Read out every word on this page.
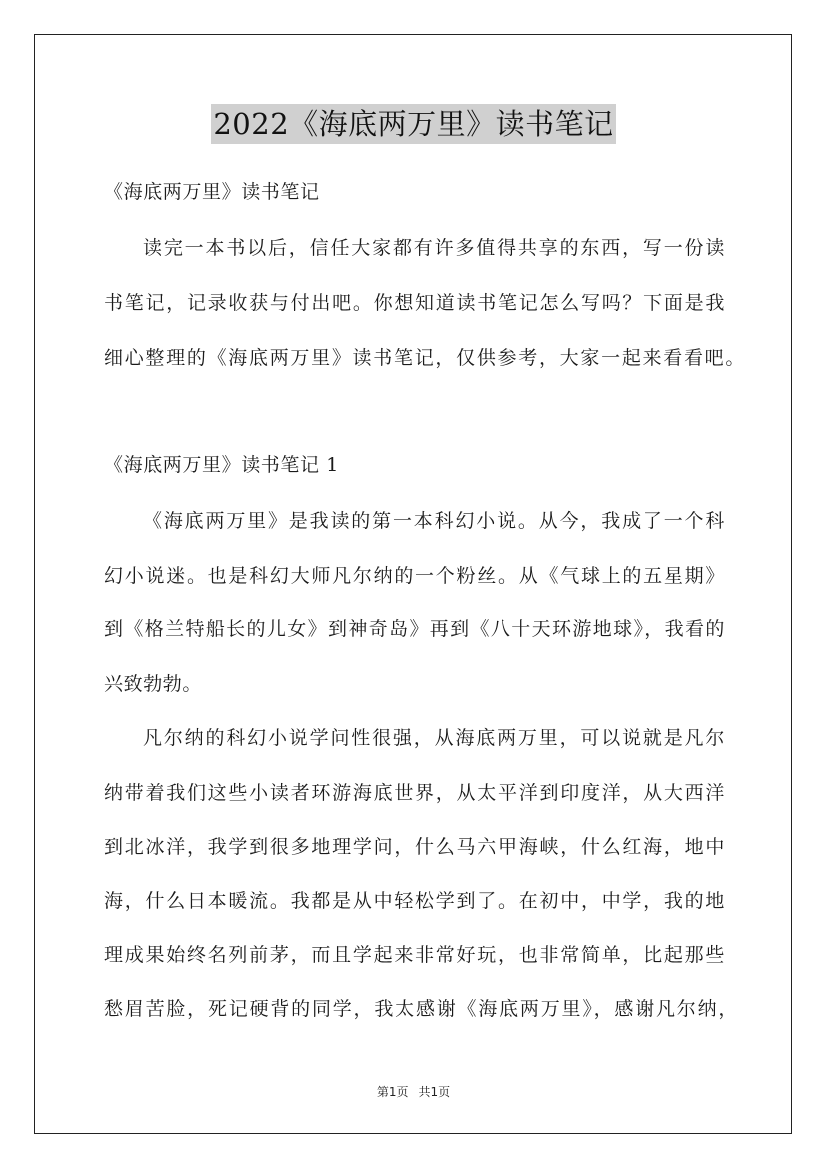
2022《海底两万里》读书笔记
《海底两万里》读书笔记
读完一本书以后，信任大家都有许多值得共享的东西，写一份读
书笔记，记录收获与付出吧。你想知道读书笔记怎么写吗？下面是我
细心整理的《海底两万里》读书笔记，仅供参考，大家一起来看看吧。
《海底两万里》读书笔记 1
《海底两万里》是我读的第一本科幻小说。从今，我成了一个科
幻小说迷。也是科幻大师凡尔纳的一个粉丝。从《气球上的五星期》
到《格兰特船长的儿女》到神奇岛》再到《八十天环游地球》，我看的
兴致勃勃。
凡尔纳的科幻小说学问性很强，从海底两万里，可以说就是凡尔
纳带着我们这些小读者环游海底世界，从太平洋到印度洋，从大西洋
到北冰洋，我学到很多地理学问，什么马六甲海峡，什么红海，地中
海，什么日本暖流。我都是从中轻松学到了。在初中，中学，我的地
理成果始终名列前茅，而且学起来非常好玩，也非常简单，比起那些
愁眉苦脸，死记硬背的同学，我太感谢《海底两万里》，感谢凡尔纳，
第1页 共1页
